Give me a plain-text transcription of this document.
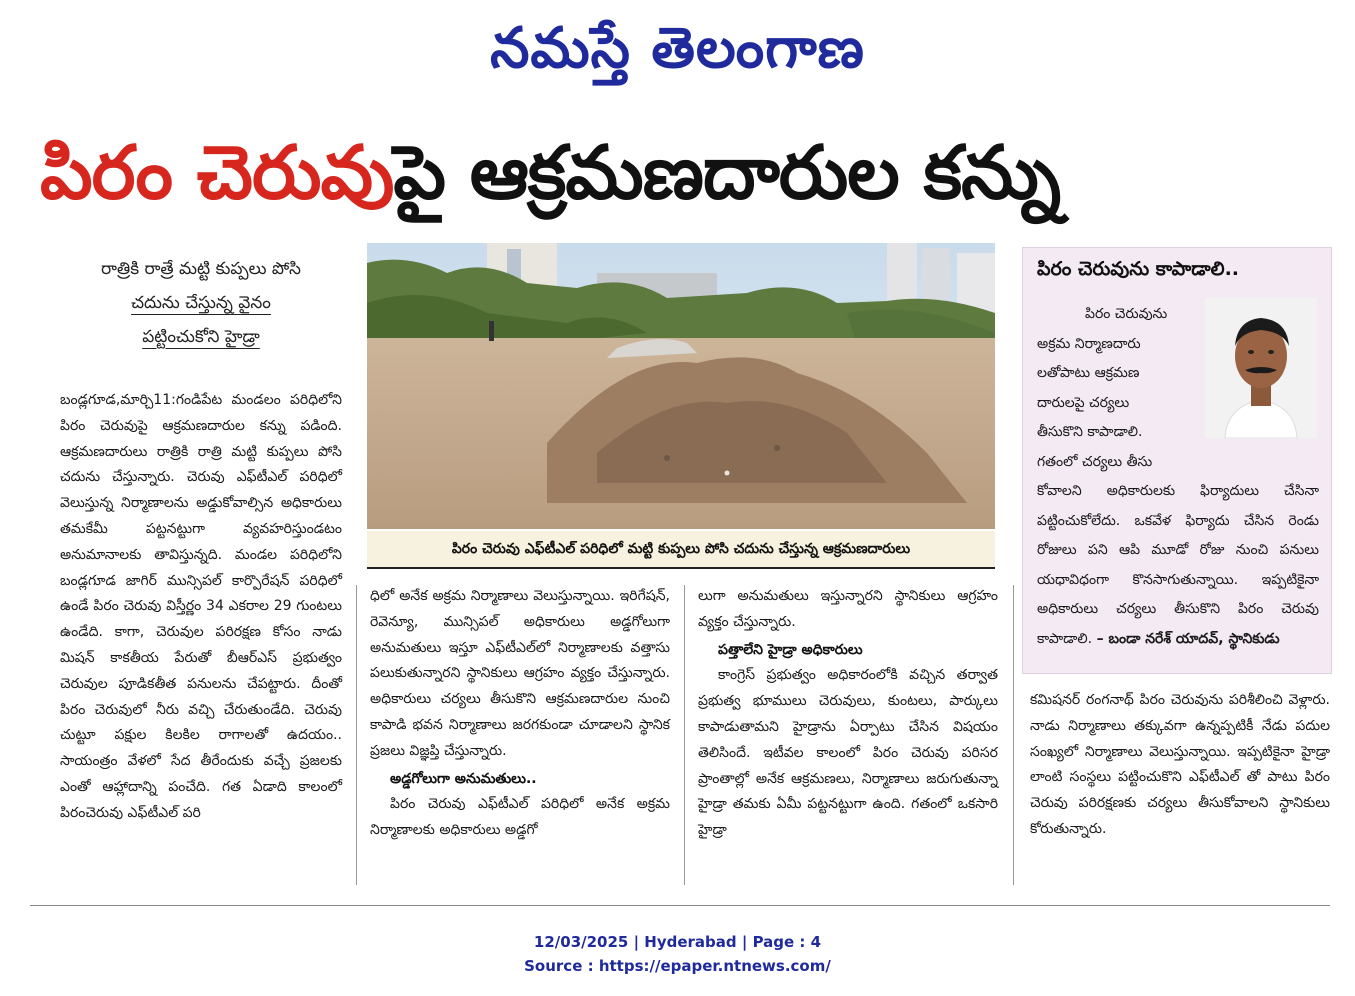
నమస్తే తెలంగాణ
పిరం చెరువుపై ఆక్రమణదారుల కన్ను
రాత్రికి రాత్రే మట్టి కుప్పలు పోసి
చదును చేస్తున్న వైనం
పట్టించుకోని హైడ్రా

బండ్లగూడ,మార్చి11:గండిపేట మండలం పరిధిలోని పిరం చెరువుపై ఆక్రమణదారుల కన్ను పడింది. ఆక్రమణదారులు రాత్రికి రాత్రి మట్టి కుప్పలు పోసి చదును చేస్తున్నారు. చెరువు ఎఫ్‌టీఎల్ పరిధిలో వెలుస్తున్న నిర్మాణాలను అడ్డుకోవాల్సిన అధికారులు తమకేమీ పట్టనట్టుగా వ్యవహరిస్తుండటం అనుమానాలకు తావిస్తున్నది. మండల పరిధిలోని బండ్లగూడ జాగిర్ మున్సిపల్ కార్పొరేషన్ పరిధిలో ఉండే పిరం చెరువు విస్తీర్ణం 34 ఎకరాల 29 గుంటలు ఉండేది. కాగా, చెరువుల పరిరక్షణ కోసం నాడు మిషన్ కాకతీయ పేరుతో బీఆర్ఎస్ ప్రభుత్వం చెరువుల పూడికతీత పనులను చేపట్టారు. దీంతో పిరం చెరువులో నీరు వచ్చి చేరుతుండేది. చెరువు చుట్టూ పక్షుల కిలకిల రాగాలతో ఉదయం.. సాయంత్రం వేళలో సేద తీరేందుకు వచ్చే ప్రజలకు ఎంతో ఆహ్లాదాన్ని పంచేది. గత ఏడాది కాలంలో పిరంచెరువు ఎఫ్‌టీఎల్ పరి

పిరం చెరువు ఎఫ్‌టీఎల్ పరిధిలో మట్టి కుప్పలు పోసి చదును చేస్తున్న ఆక్రమణదారులు

ధిలో అనేక అక్రమ నిర్మాణాలు వెలుస్తున్నాయి. ఇరిగేషన్, రెవెన్యూ, మున్సిపల్ అధికారులు అడ్డగోలుగా అనుమతులు ఇస్తూ ఎఫ్‌టీఎల్‌లో నిర్మాణాలకు వత్తాసు పలుకుతున్నారని స్థానికులు ఆగ్రహం వ్యక్తం చేస్తున్నారు. అధికారులు చర్యలు తీసుకొని ఆక్రమణదారుల నుంచి కాపాడి భవన నిర్మాణాలు జరగకుండా చూడాలని స్థానిక ప్రజలు విజ్ఞప్తి చేస్తున్నారు.

అడ్డగోలుగా అనుమతులు..

పిరం చెరువు ఎఫ్‌టీఎల్ పరిధిలో అనేక అక్రమ నిర్మాణాలకు అధికారులు అడ్డగో

లుగా అనుమతులు ఇస్తున్నారని స్థానికులు ఆగ్రహం వ్యక్తం చేస్తున్నారు.

పత్తాలేని హైడ్రా అధికారులు

కాంగ్రెస్ ప్రభుత్వం అధికారంలోకి వచ్చిన తర్వాత ప్రభుత్వ భూములు చెరువులు, కుంటలు, పార్కులు కాపాడుతామని హైడ్రాను ఏర్పాటు చేసిన విషయం తెలిసిందే. ఇటీవల కాలంలో పిరం చెరువు పరిసర ప్రాంతాల్లో అనేక ఆక్రమణలు, నిర్మాణాలు జరుగుతున్నా హైడ్రా తమకు ఏమీ పట్టనట్టుగా ఉంది. గతంలో ఒకసారి హైడ్రా

పిరం చెరువును కాపాడాలి..
పిరం చెరువును
అక్రమ నిర్మాణదారు
లతోపాటు ఆక్రమణ
దారులపై చర్యలు
తీసుకొని కాపాడాలి.
గతంలో చర్యలు తీసు
కోవాలని అధికారులకు ఫిర్యాదులు చేసినా పట్టించుకోలేదు. ఒకవేళ ఫిర్యాదు చేసిన రెండు రోజులు పని ఆపి మూడో రోజు నుంచి పనులు యధావిధంగా కొనసాగుతున్నాయి. ఇప్పటికైనా అధికారులు చర్యలు తీసుకొని పిరం చెరువు కాపాడాలి. – బండా నరేశ్ యాదవ్, స్థానికుడు

కమిషనర్ రంగనాథ్ పిరం చెరువును పరిశీలించి వెళ్లారు. నాడు నిర్మాణాలు తక్కువగా ఉన్నప్పటికీ నేడు పదుల సంఖ్యలో నిర్మాణాలు వెలుస్తున్నాయి. ఇప్పటికైనా హైడ్రా లాంటి సంస్థలు పట్టించుకొని ఎఫ్‌టీఎల్ తో పాటు పిరం చెరువు పరిరక్షణకు చర్యలు తీసుకోవాలని స్థానికులు కోరుతున్నారు.

12/03/2025 | Hyderabad | Page : 4
Source : https://epaper.ntnews.com/
